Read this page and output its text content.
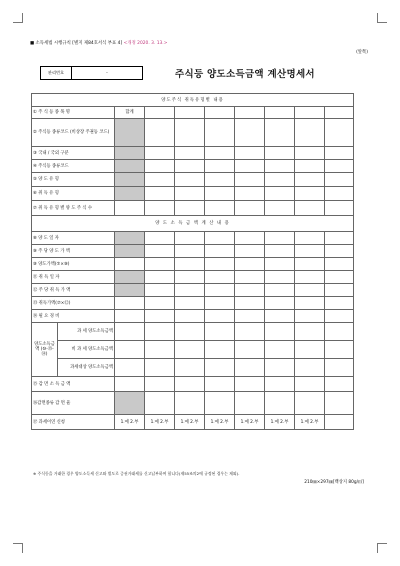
■ 소득세법 시행규칙 [별지 제84호서식 부표 4] <개정 2020. 3. 13.>
(앞쪽)
관리번호	-	주식등 양도소득금액 계산명세서
양도주식 취득유형별 내용									
① 주 식 등 종 목 명		합계							
② 주식등 종류코드 (비상장 주권등 코드)									
③ 국내 / 국외 구분									
④ 주식등 종류코드									
⑤ 양 도 유 형									
⑥ 취 득 유 형									
⑦ 취 득 유 형 별 양 도 주 식 수									
양 도 소 득 금 액 계 산 내 용									
⑧ 양 도 일 자									
⑨ 주 당 양 도 가 액									
⑩ 양도가액(⑦×⑨)									
⑪ 취 득 일 자									
⑫ 주 당 취 득 가 액									
⑬ 취득가액(⑦×⑫)									
⑭ 필 요 경 비									
양도소득금액 (⑩-⑬-⑭)	과 세 양도소득금액								
	비 과 세 양도소득금액								
	과세대상 양도소득금액								
⑮ 감 면 소 득 금 액									
⑯감면종류 감 면 율									
⑰ 과세이연 신청		1.예 2.부	1.예 2.부	1.예 2.부	1.예 2.부	1.예 2.부	1.예 2.부	1.예 2.부	
※ 주식등을 거래한 경우 양도소득세 신고와 별도로 증권거래세를 신고납부하여 합니다(제55조의2에 규정된 경우는 제외).
210㎜×297㎜[백상지 80g/㎡]
